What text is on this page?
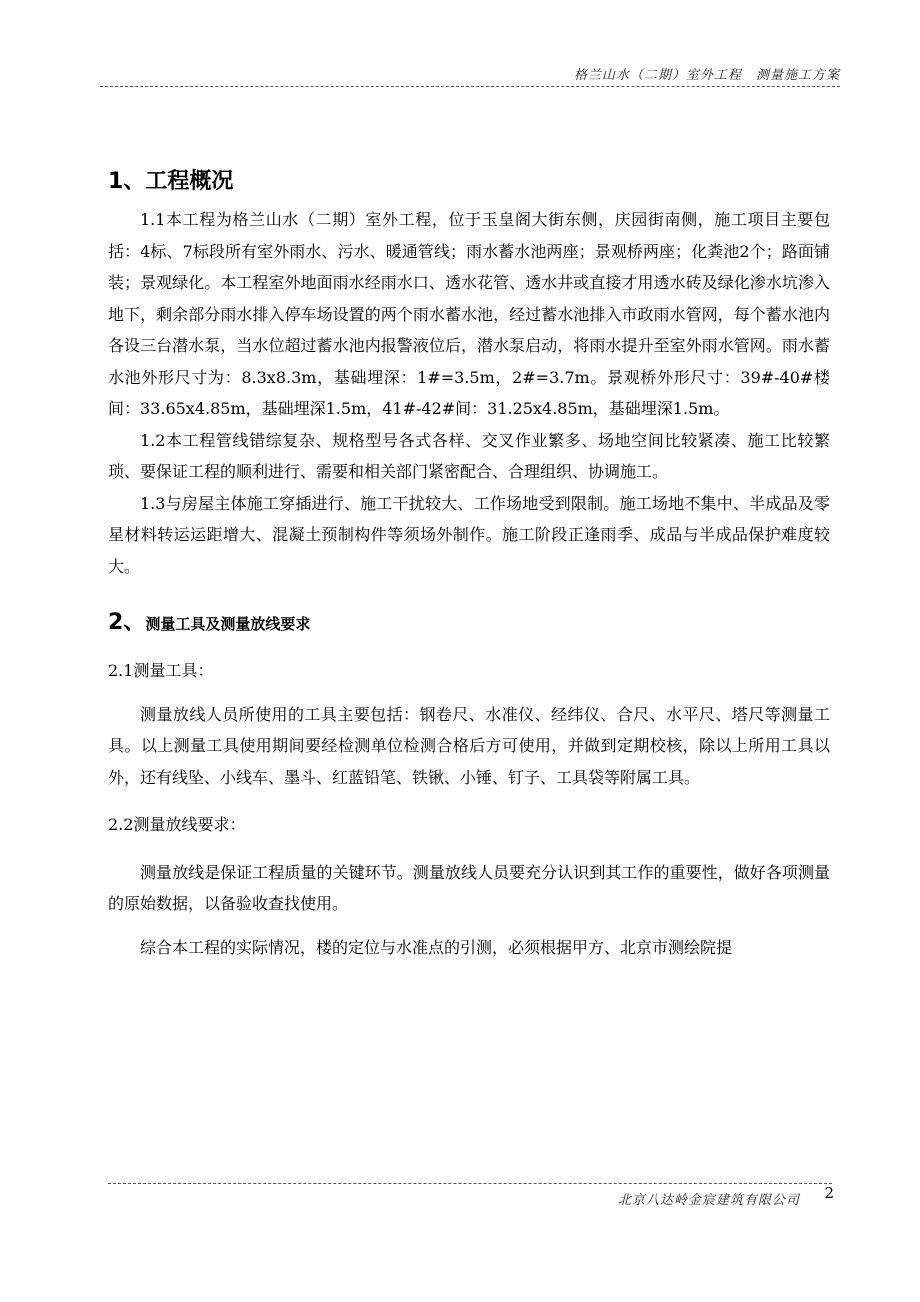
格兰山水（二期）室外工程　测量施工方案
1、工程概况

1.1本工程为格兰山水（二期）室外工程，位于玉皇阁大街东侧，庆园街南侧，施工项目主要包括：4标、7标段所有室外雨水、污水、暖通管线；雨水蓄水池两座；景观桥两座；化粪池2个；路面铺装；景观绿化。本工程室外地面雨水经雨水口、透水花管、透水井或直接才用透水砖及绿化渗水坑渗入地下，剩余部分雨水排入停车场设置的两个雨水蓄水池，经过蓄水池排入市政雨水管网，每个蓄水池内各设三台潜水泵，当水位超过蓄水池内报警液位后，潜水泵启动，将雨水提升至室外雨水管网。雨水蓄水池外形尺寸为：8.3x8.3m，基础埋深：1#=3.5m，2#=3.7m。景观桥外形尺寸：39#-40#楼间：33.65x4.85m，基础埋深1.5m，41#-42#间：31.25x4.85m，基础埋深1.5m。

1.2本工程管线错综复杂、规格型号各式各样、交叉作业繁多、场地空间比较紧凑、施工比较繁琐、要保证工程的顺利进行、需要和相关部门紧密配合、合理组织、协调施工。

1.3与房屋主体施工穿插进行、施工干扰较大、工作场地受到限制。施工场地不集中、半成品及零星材料转运运距增大、混凝土预制构件等须场外制作。施工阶段正逢雨季、成品与半成品保护难度较大。

2、测量工具及测量放线要求

2.1测量工具：

测量放线人员所使用的工具主要包括：钢卷尺、水准仪、经纬仪、合尺、水平尺、塔尺等测量工具。以上测量工具使用期间要经检测单位检测合格后方可使用，并做到定期校核，除以上所用工具以外，还有线坠、小线车、墨斗、红蓝铅笔、铁锹、小锤、钉子、工具袋等附属工具。

2.2测量放线要求：

测量放线是保证工程质量的关键环节。测量放线人员要充分认识到其工作的重要性，做好各项测量的原始数据，以备验收查找使用。

综合本工程的实际情况，楼的定位与水准点的引测，必须根据甲方、北京市测绘院提

北京八达岭金宸建筑有限公司 2
